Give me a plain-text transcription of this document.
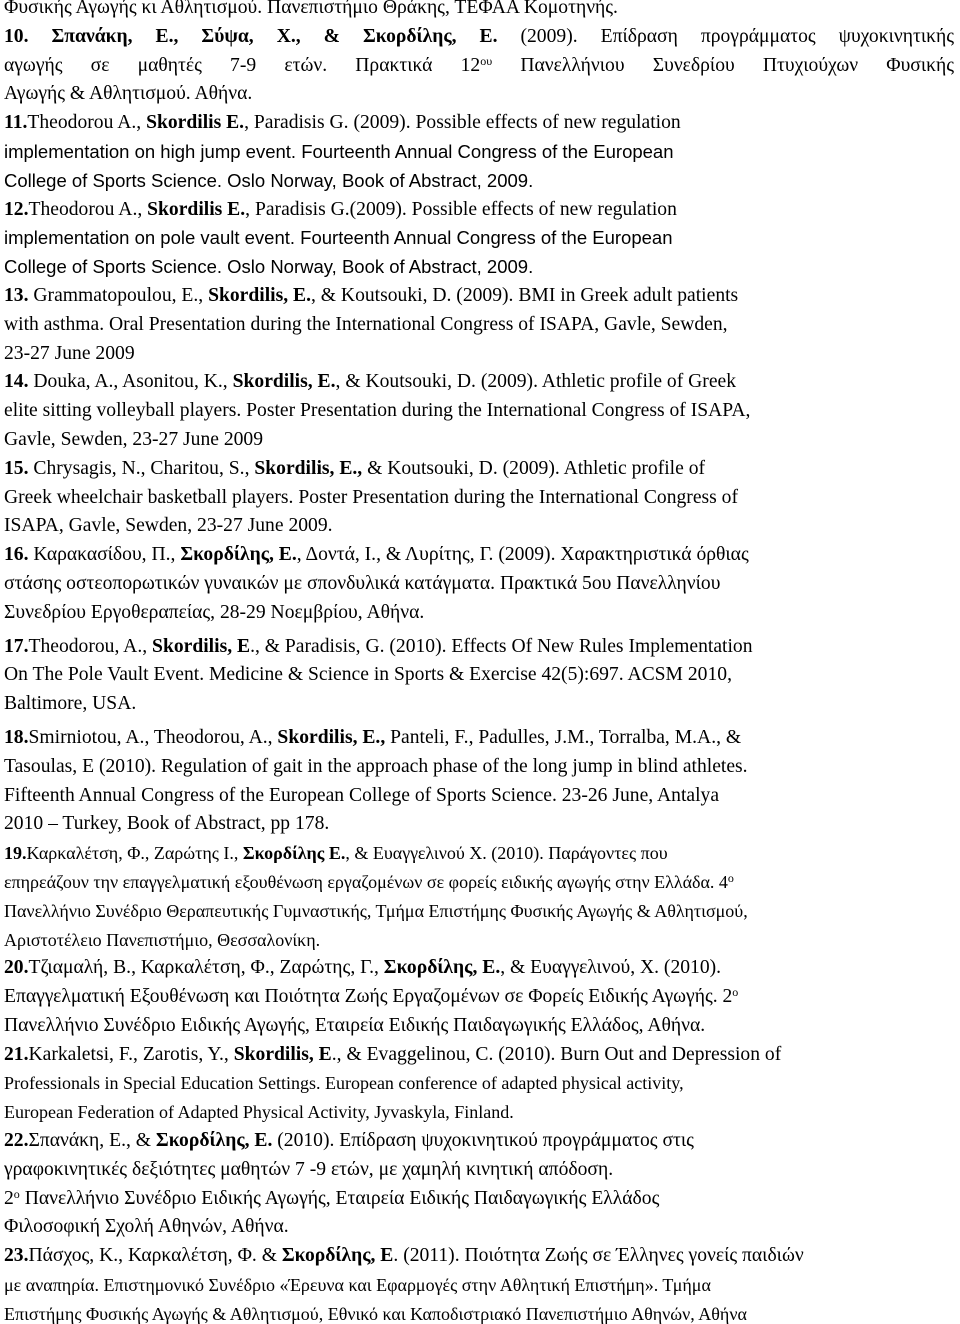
Φυσικής Αγωγής κι Αθλητισμού. Πανεπιστήμιο Θράκης, ΤΕΦΑΑ Κομοτηνής.
10. Σπανάκη, Ε., Σύψα, Χ., & Σκορδίλης, Ε. (2009). Επίδραση προγράμματος ψυχοκινητικής
αγωγής σε μαθητές 7-9 ετών. Πρακτικά $12^{o\upsilon}$ Πανελλήνιου Συνεδρίου Πτυχιούχων Φυσικής
Αγωγής & Αθλητισμού. Αθήνα.
11.Theodorou A., Skordilis E., Paradisis G. (2009). Possible effects of new regulation
implementation on high jump event. Fourteenth Annual Congress of the European
College of Sports Science. Oslo Norway, Book of Abstract, 2009.
12.Theodorou A., Skordilis E., Paradisis G.(2009). Possible effects of new regulation
implementation on pole vault event. Fourteenth Annual Congress of the European
College of Sports Science. Oslo Norway, Book of Abstract, 2009.
13. Grammatopoulou, E., Skordilis, E., & Koutsouki, D. (2009). BMI in Greek adult patients
with asthma. Oral Presentation during the International Congress of ISAPA, Gavle, Sewden,
23-27 June 2009
14. Douka, A., Asonitou, K., Skordilis, E., & Koutsouki, D. (2009). Athletic profile of Greek
elite sitting volleyball players. Poster Presentation during the International Congress of ISAPA,
Gavle, Sewden, 23-27 June 2009
15. Chrysagis, N., Charitou, S., Skordilis, E., & Koutsouki, D. (2009). Athletic profile of
Greek wheelchair basketball players. Poster Presentation during the International Congress of
ISAPA, Gavle, Sewden, 23-27 June 2009.
16. Καρακασίδου, Π., Σκορδίλης, Ε., Δοντά, Ι., & Λυρίτης, Γ. (2009). Χαρακτηριστικά όρθιας
στάσης οστεοπορωτικών γυναικών με σπονδυλικά κατάγματα. Πρακτικά 5ου Πανελληνίου
Συνεδρίου Εργοθεραπείας, 28-29 Νοεμβρίου, Αθήνα.
17.Theodorou, A., Skordilis, E., & Paradisis, G. (2010). Effects Of New Rules Implementation
On The Pole Vault Event. Medicine & Science in Sports & Exercise 42(5):697. ACSM 2010,
Baltimore, USA.
18.Smirniotou, A., Theodorou, A., Skordilis, E., Panteli, F., Padulles, J.M., Torralba, M.A., &
Tasoulas, E (2010). Regulation of gait in the approach phase of the long jump in blind athletes.
Fifteenth Annual Congress of the European College of Sports Science. 23-26 June, Antalya
2010 – Turkey, Book of Abstract, pp 178.
19.Καρκαλέτση, Φ., Ζαρώτης Ι., Σκορδίλης Ε., & Ευαγγελινού Χ. (2010). Παράγοντες που
επηρεάζουν την επαγγελματική εξουθένωση εργαζομένων σε φορείς ειδικής αγωγής στην Ελλάδα. $4^o$
Πανελλήνιο Συνέδριο Θεραπευτικής Γυμναστικής, Τμήμα Επιστήμης Φυσικής Αγωγής & Αθλητισμού,
Αριστοτέλειο Πανεπιστήμιο, Θεσσαλονίκη.
20.Τζιαμαλή, Β., Καρκαλέτση, Φ., Ζαρώτης, Γ., Σκορδίλης, Ε., & Ευαγγελινού, Χ. (2010).
Επαγγελματική Εξουθένωση και Ποιότητα Ζωής Εργαζομένων σε Φορείς Ειδικής Αγωγής. $2^o$
Πανελλήνιο Συνέδριο Ειδικής Αγωγής, Εταιρεία Ειδικής Παιδαγωγικής Ελλάδος, Αθήνα.
21.Karkaletsi, F., Zarotis, Y., Skordilis, E., & Evaggelinou, C. (2010). Burn Out and Depression of
Professionals in Special Education Settings. European conference of adapted physical activity,
European Federation of Adapted Physical Activity, Jyvaskyla, Finland.
22.Σπανάκη, Ε., & Σκορδίλης, Ε. (2010). Επίδραση ψυχοκινητικού προγράμματος στις
γραφοκινητικές δεξιότητες μαθητών 7 -9 ετών, με χαμηλή κινητική απόδοση.
$2^o$ Πανελλήνιο Συνέδριο Ειδικής Αγωγής, Εταιρεία Ειδικής Παιδαγωγικής Ελλάδος
Φιλοσοφική Σχολή Αθηνών, Αθήνα.
23.Πάσχος, Κ., Καρκαλέτση, Φ. & Σκορδίλης, Ε. (2011). Ποιότητα Ζωής σε Έλληνες γονείς παιδιών
με αναπηρία. Επιστημονικό Συνέδριο «Έρευνα και Εφαρμογές στην Αθλητική Επιστήμη». Τμήμα
Επιστήμης Φυσικής Αγωγής & Αθλητισμού, Εθνικό και Καποδιστριακό Πανεπιστήμιο Αθηνών, Αθήνα
